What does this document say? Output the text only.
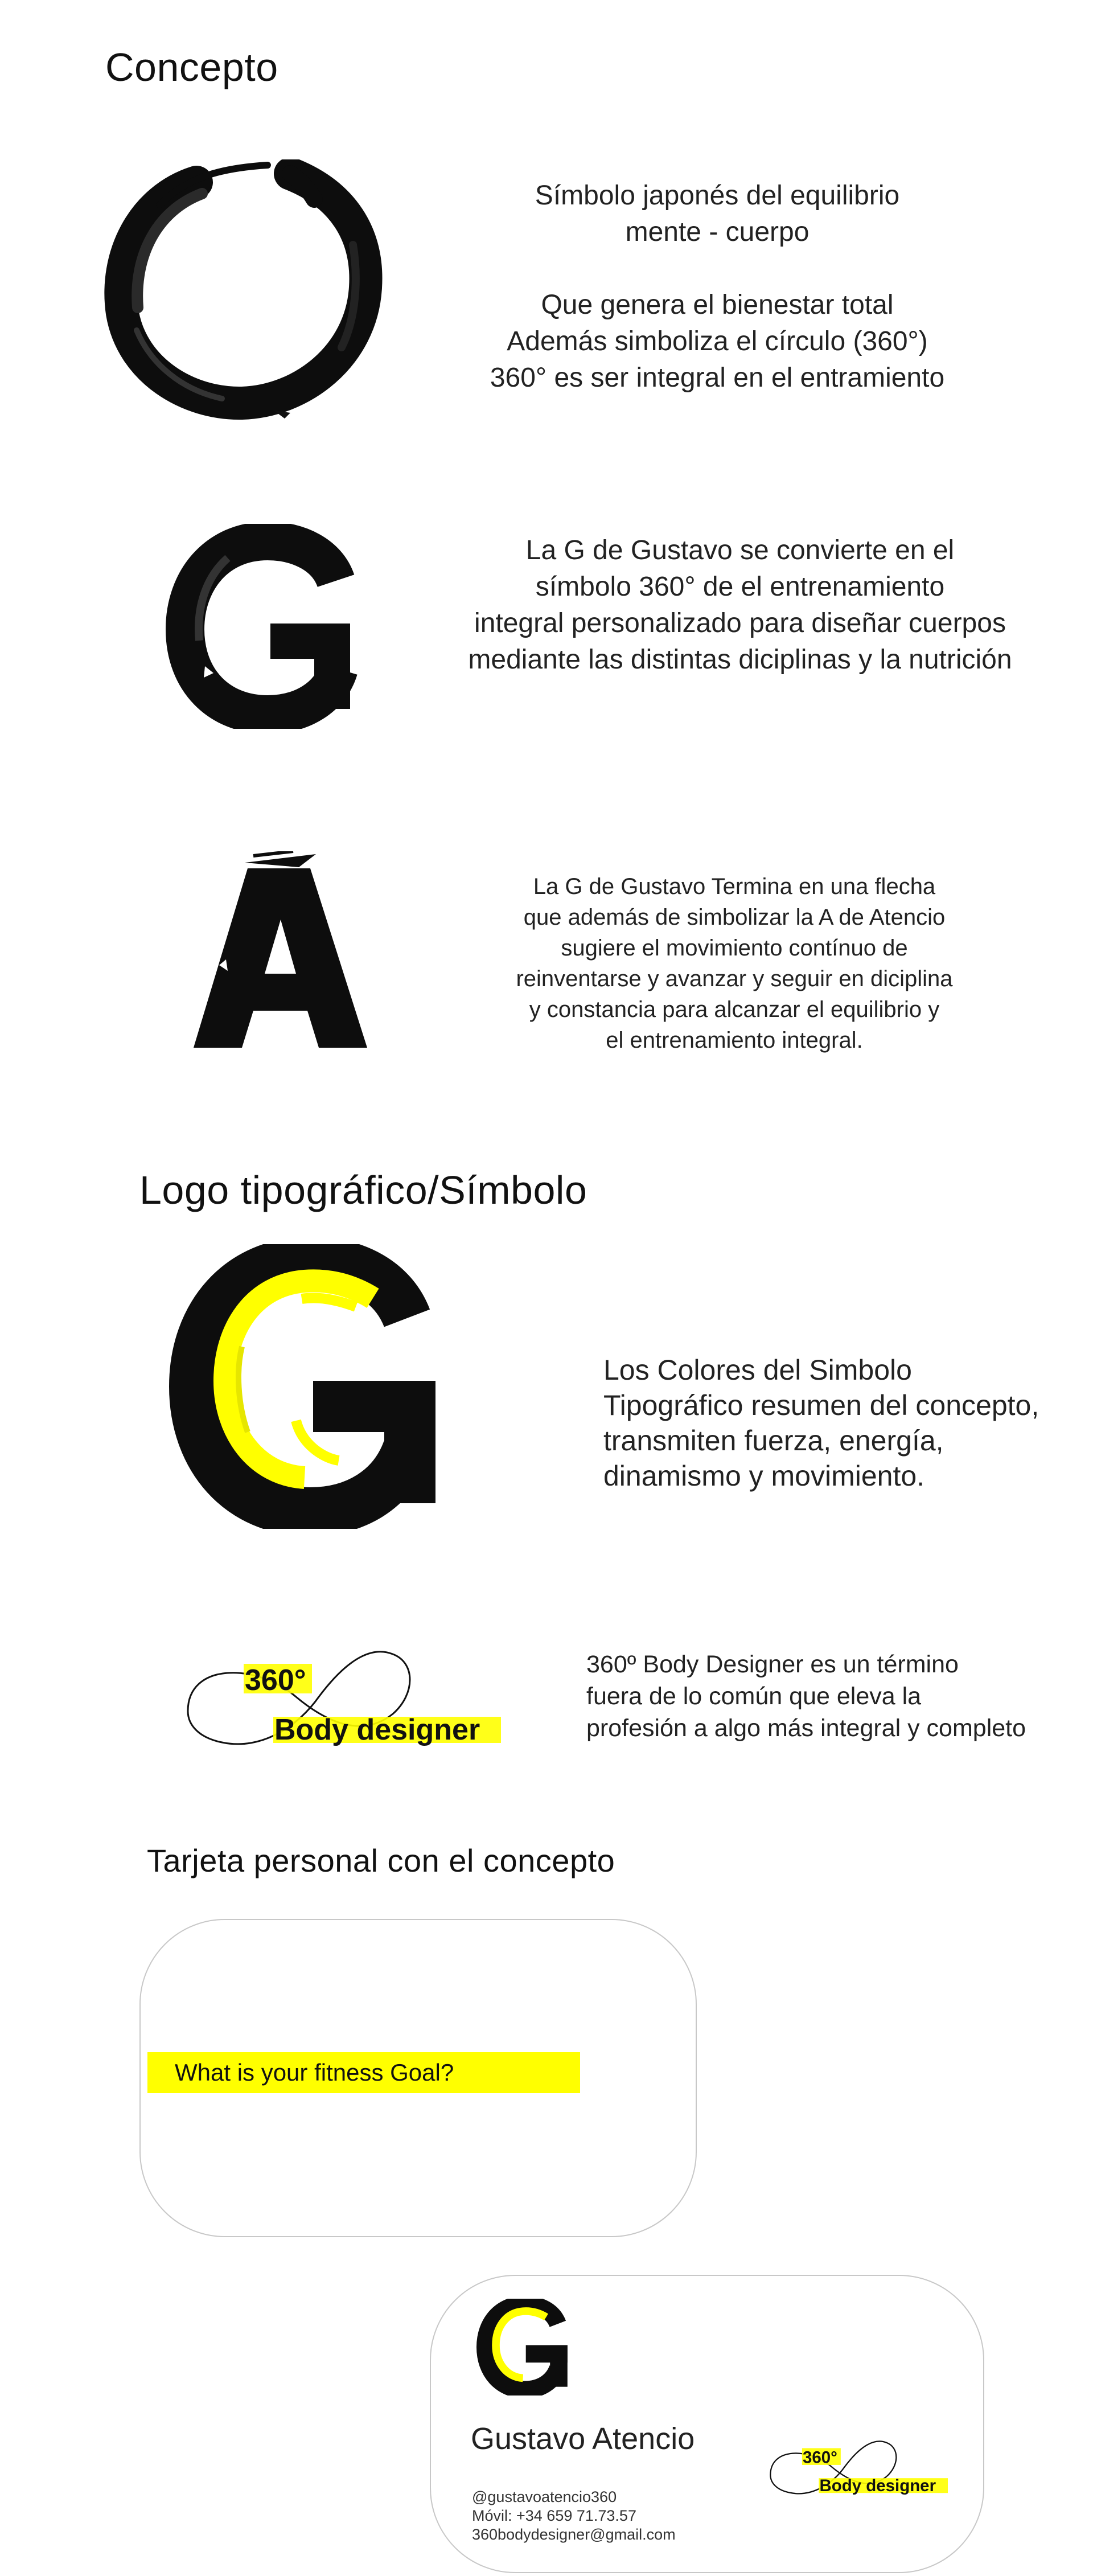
Concepto

Símbolo japonés del equilibrio

mente - cuerpo

Que genera el bienestar total

Además simboliza el círculo (360°)

360° es ser integral en el entramiento

G

La G de Gustavo se convierte en el

símbolo 360° de el entrenamiento

integral personalizado para diseñar cuerpos

mediante las distintas diciplinas y la nutrición

La G de Gustavo Termina en una flecha

que además de simbolizar la A de Atencio

sugiere el movimiento contínuo de

reinventarse y avanzar y seguir en diciplina

y constancia para alcanzar el equilibrio y

el entrenamiento integral.

Logo tipográfico/Símbolo

Los Colores del Simbolo

Tipográfico resumen del concepto,

transmiten fuerza, energía,

dinamismo y movimiento.

360°
Body designer

360º Body Designer es un término

fuera de lo común que eleva la

profesión a algo más integral y completo

Tarjeta personal con el concepto
What is your fitness Goal?
Gustavo Atencio
@gustavoatencio360
Móvil: +34 659 71.73.57
360bodydesigner@gmail.com
360°
Body designer
